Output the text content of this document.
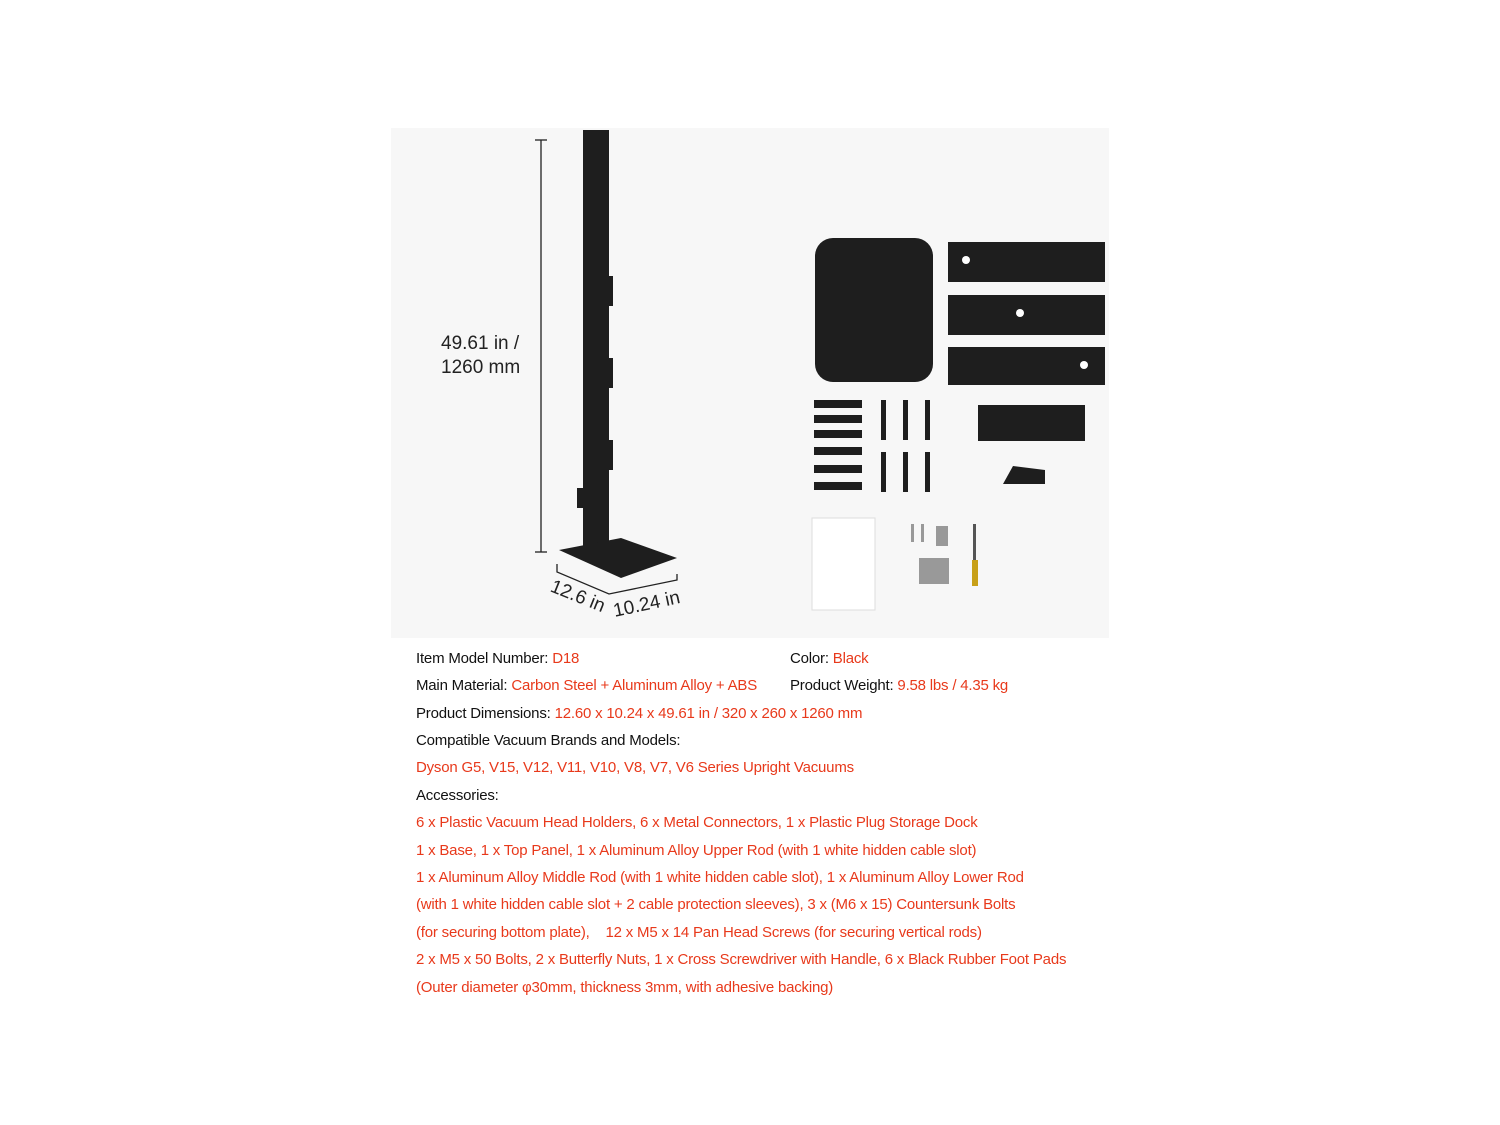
49.61 in /
1260 mm
12.6 in 10.24 in
Item Model Number: D18	Color: Black
Main Material: Carbon Steel + Aluminum Alloy + ABS Product Weight: 9.58 lbs / 4.35 kg
Product Dimensions: 12.60 x 10.24 x 49.61 in / 320 x 260 x 1260 mm
Compatible Vacuum Brands and Models:
Dyson G5, V15, V12, V11, V10, V8, V7, V6 Series Upright Vacuums
Accessories:
6 x Plastic Vacuum Head Holders, 6 x Metal Connectors, 1 x Plastic Plug Storage Dock
1 x Base, 1 x Top Panel, 1 x Aluminum Alloy Upper Rod (with 1 white hidden cable slot)
1 x Aluminum Alloy Middle Rod (with 1 white hidden cable slot), 1 x Aluminum Alloy Lower Rod
(with 1 white hidden cable slot + 2 cable protection sleeves), 3 x (M6 x 15) Countersunk Bolts
(for securing bottom plate),    12 x M5 x 14 Pan Head Screws (for securing vertical rods)
2 x M5 x 50 Bolts, 2 x Butterfly Nuts, 1 x Cross Screwdriver with Handle, 6 x Black Rubber Foot Pads
(Outer diameter φ30mm, thickness 3mm, with adhesive backing)
